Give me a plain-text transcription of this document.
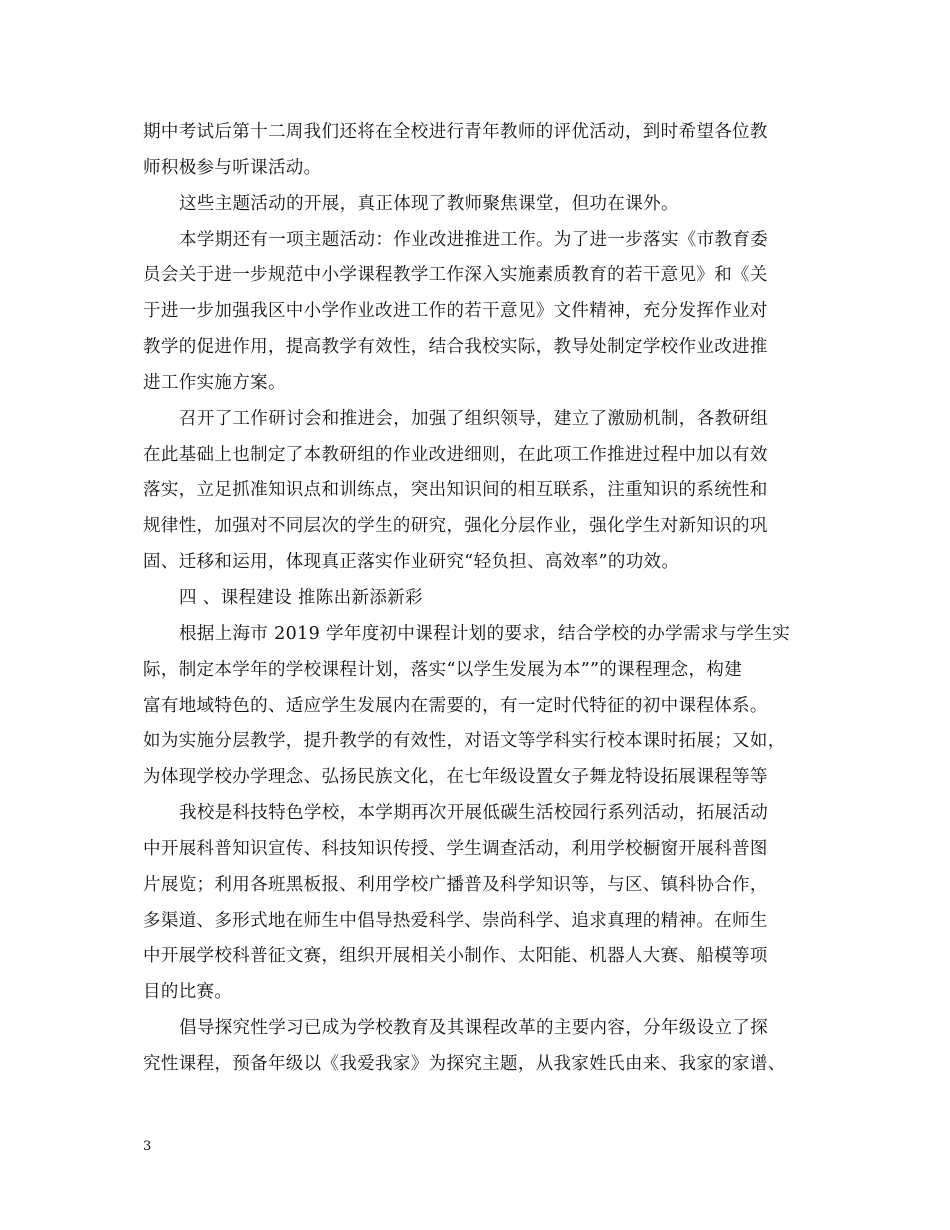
期中考试后第十二周我们还将在全校进行青年教师的评优活动，到时希望各位教
师积极参与听课活动。
这些主题活动的开展，真正体现了教师聚焦课堂，但功在课外。
本学期还有一项主题活动：作业改进推进工作。为了进一步落实《市教育委
员会关于进一步规范中小学课程教学工作深入实施素质教育的若干意见》和《关
于进一步加强我区中小学作业改进工作的若干意见》文件精神，充分发挥作业对
教学的促进作用，提高教学有效性，结合我校实际，教导处制定学校作业改进推
进工作实施方案。
召开了工作研讨会和推进会，加强了组织领导，建立了激励机制，各教研组
在此基础上也制定了本教研组的作业改进细则，在此项工作推进过程中加以有效
落实，立足抓准知识点和训练点，突出知识间的相互联系，注重知识的系统性和
规律性，加强对不同层次的学生的研究，强化分层作业，强化学生对新知识的巩
固、迁移和运用，体现真正落实作业研究“轻负担、高效率”的功效。
四 、课程建设 推陈出新添新彩
根据上海市 2019 学年度初中课程计划的要求，结合学校的办学需求与学生实
际，制定本学年的学校课程计划，落实“以学生发展为本””的课程理念，构建
富有地域特色的、适应学生发展内在需要的，有一定时代特征的初中课程体系。
如为实施分层教学，提升教学的有效性，对语文等学科实行校本课时拓展；又如，
为体现学校办学理念、弘扬民族文化，在七年级设置女子舞龙特设拓展课程等等
我校是科技特色学校，本学期再次开展低碳生活校园行系列活动，拓展活动
中开展科普知识宣传、科技知识传授、学生调查活动，利用学校橱窗开展科普图
片展览；利用各班黑板报、利用学校广播普及科学知识等，与区、镇科协合作，
多渠道、多形式地在师生中倡导热爱科学、崇尚科学、追求真理的精神。在师生
中开展学校科普征文赛，组织开展相关小制作、太阳能、机器人大赛、船模等项
目的比赛。
倡导探究性学习已成为学校教育及其课程改革的主要内容，分年级设立了探
究性课程，预备年级以《我爱我家》为探究主题，从我家姓氏由来、我家的家谱、
3
